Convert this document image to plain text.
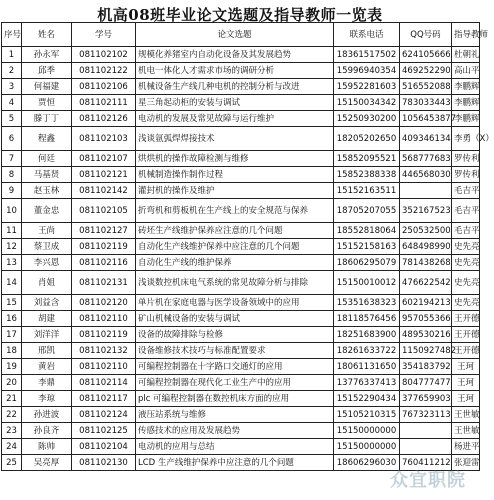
机高08班毕业论文选题及指导教师一览表
序号	姓名	学号	论文选题	联系电话	QQ号码	指导教师
1	孙永军	081102102	规模化养猪室内自动化设备及其发展趋势	18361517502	624105666	杜朝礼
2	邱季	081102122	机电一体化人才需求市场的调研分析	15996940354	469252290	高山平
3	何福建	081102106	机械设备生产线几种电机的控制分析与改进	15952281603	516552088	李鹏辉
4	贾恒	081102111	星三角起动柜的安装与调试	15150034342	783033443	李鹏辉
5	滕丁丁	081102126	电动机的发展及常见故障与运行维护	15250930200	1056453877	李鹏辉
6	程鑫	081102103	浅谈氩弧焊焊接技术	18205202650	409346134	李勇（Ⅹ）
7	何廷	081102107	烘烘机的操作故障检测与维修	15852095521	568777683	罗传利
8	马基贤	081102121	机械制造操作制作过程	15852388338	446568030	罗传利
9	赵玉林	081102142	灌封机的操作及维护	15152163511		毛吉平
10	董金忠	081102105	折弯机和剪板机在生产线上的安全规范与保养	18705207055	352167523	毛吉平
11	王尚	081102127	砖坯生产线维护保养应注意的几个问题	18552818064	250532500	毛吉平
12	蔡卫成	081102119	自动化生产线维护保养中应注意的几个问题	15152158163	648498990	史先亮
13	李兴恩	081102116	自动化生产线的维护保养	18606295079	781438268	史先亮
14	肖姐	081102131	浅谈数控机床电气系统的常见故障分析与排除	15150010012	476622542	史先亮
15	刘益含	081102120	单片机在家庭电器与医学设备领域中的应用	15351638323	602194213	史先亮
16	胡建	081102110	矿山机械设备的安装与调试	18118576456	957055366	王开德
17	刘洋洋	081102119	设备的故障排除与检修	18251683900	489530216	王开德
18	邢凯	081102132	设备维修技术技巧与标准配置要求	18261633722	1150927482	王开德
19	黄岩	081102110	可编程控制器在十字路口交通灯的应用	18061131650	354183792	王珂
20	李鼎	081102114	可编程控制器在现代化工业生产中的应用	13776337413	804777477	王珂
21	李琼	081102117	plc 可编程控制器在数控机床方面的应用	15152290434	377659903	王珂
22	孙进波	081102124	液压站系统与维修	15105210315	767323113	王世敏
23	孙良齐	081102125	传感技术的应用及发展趋势	15150000000		王世敏
24	陈帅	081102104	电动机的应用与总结	15150000000		杨进平
25	吴亮厚	081102130	LCD 生产线维护保养中应注意的几个问题	18606296030	760411212	张迎雷
众宜职院
